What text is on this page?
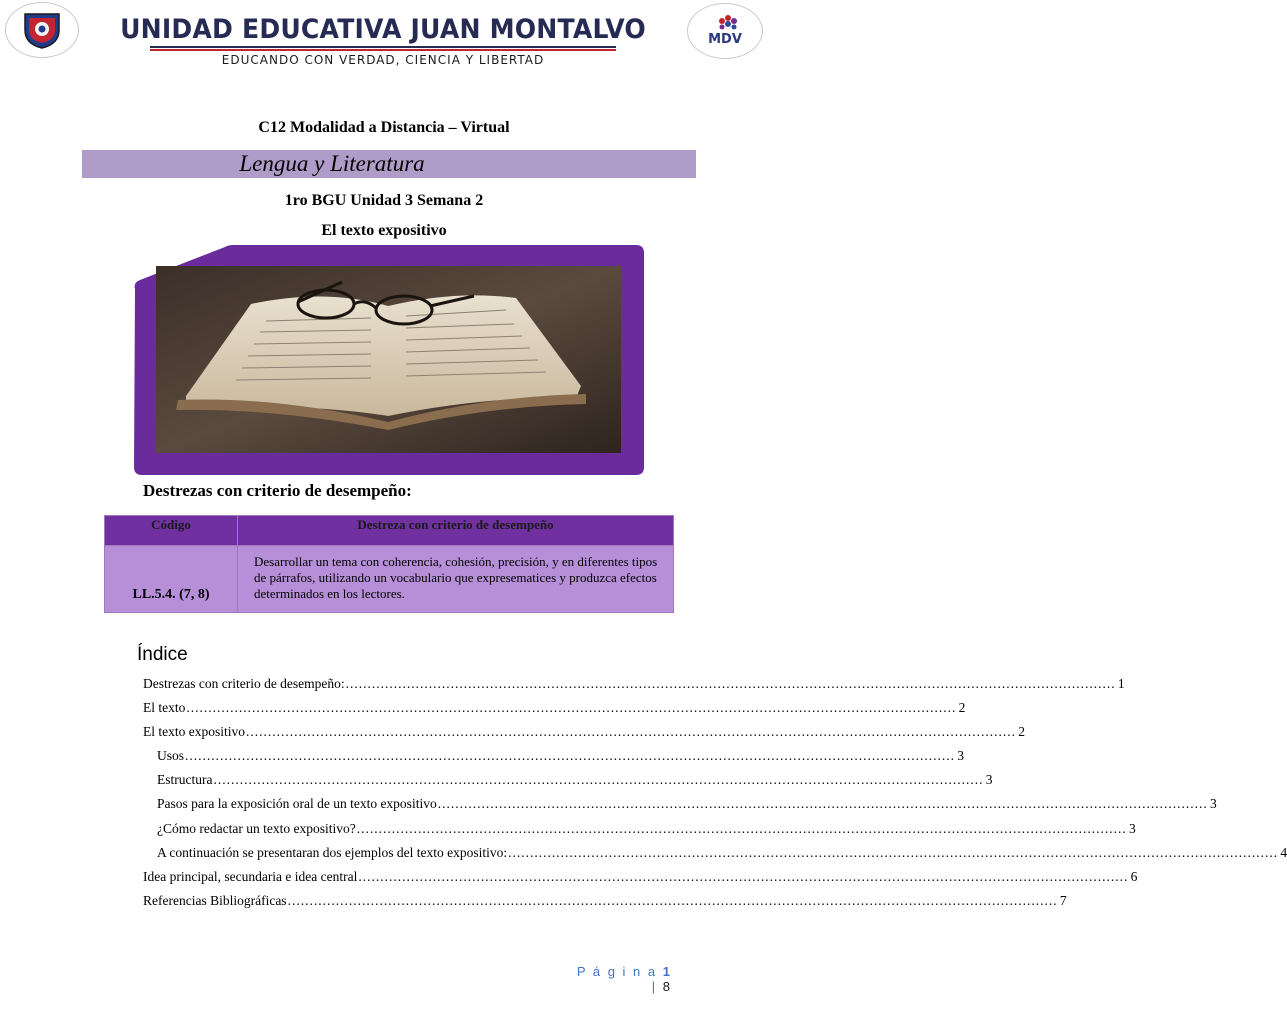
MDV
UNIDAD EDUCATIVA JUAN MONTALVO
EDUCANDO CON VERDAD, CIENCIA Y LIBERTAD
C12 Modalidad a Distancia – Virtual
Lengua y Literatura
1ro BGU Unidad 3 Semana 2
El texto expositivo
Destrezas con criterio de desempeño:
Código	Destreza con criterio de desempeño
LL.5.4. (7, 8)	Desarrollar un tema con coherencia, cohesión, precisión, y en diferentes tipos de párrafos, utilizando un vocabulario que expresematices y produzca efectos determinados en los lectores.
Índice
Destrezas con criterio de desempeño: ................................................................................................................................................................................ 1
El texto ................................................................................................................................................................................ 2
El texto expositivo ................................................................................................................................................................................ 2
Usos ................................................................................................................................................................................ 3
Estructura ................................................................................................................................................................................ 3
Pasos para la exposición oral de un texto expositivo ................................................................................................................................................................................ 3
¿Cómo redactar un texto expositivo? ................................................................................................................................................................................ 3
A continuación se presentaran dos ejemplos del texto expositivo: ................................................................................................................................................................................ 4
Idea principal, secundaria e idea central ................................................................................................................................................................................ 6
Referencias Bibliográficas ................................................................................................................................................................................ 7
P á g i n a 1 | 8
